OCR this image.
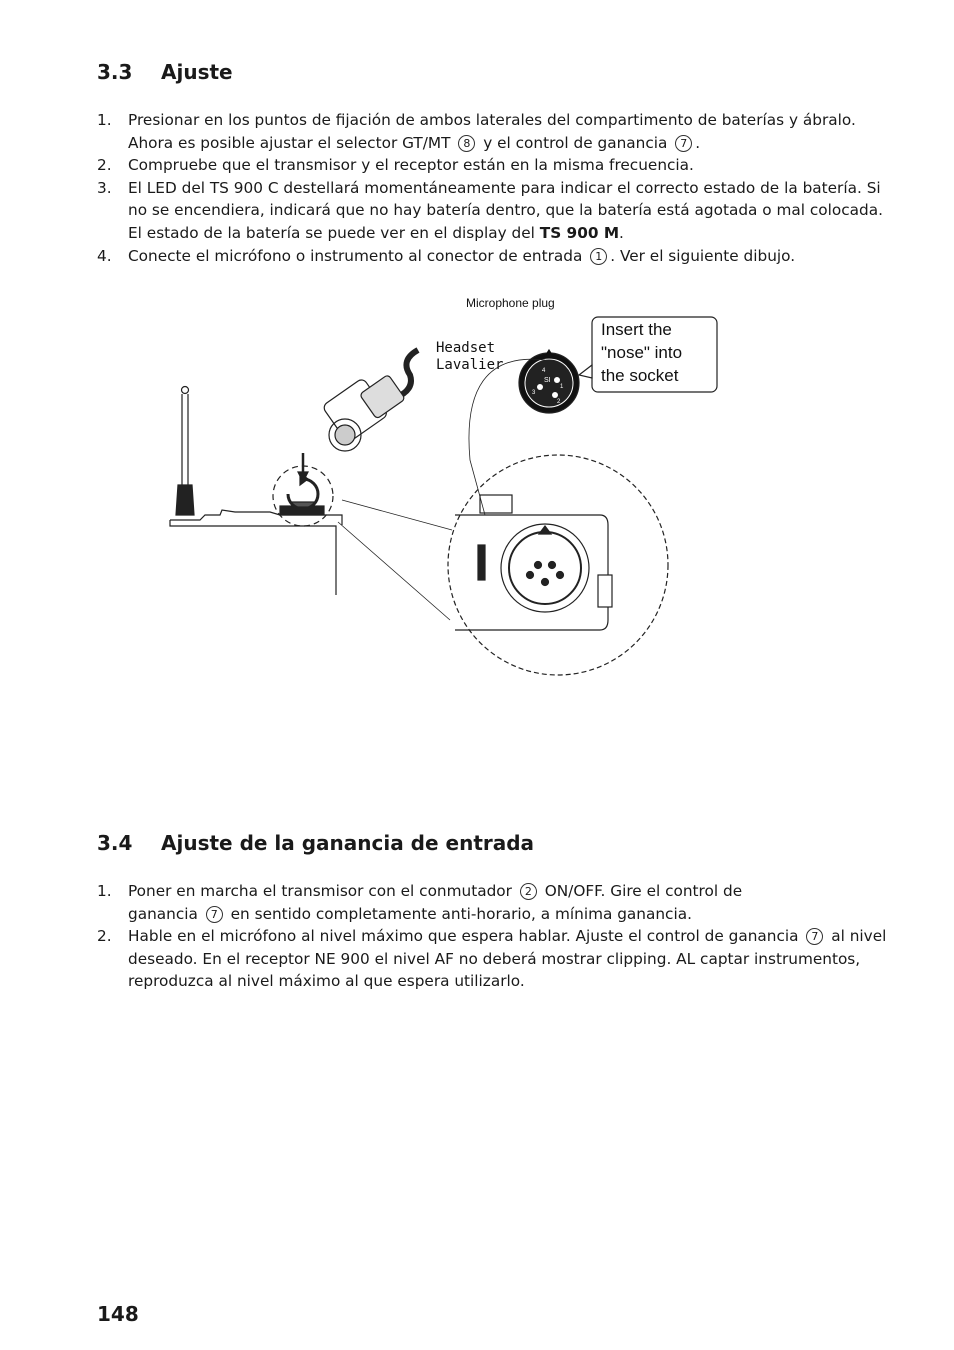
3.3 Ajuste
1. Presionar en los puntos de fijación de ambos laterales del compartimento de baterías y ábralo. Ahora es posible ajustar el selector GT/MT 8 y el control de ganancia 7 .
2. Compruebe que el transmisor y el receptor están en la misma frecuencia.
3. El LED del TS 900 C destellará momentáneamente para indicar el correcto estado de la batería. Si no se encendiera, indicará que no hay batería dentro, que la batería está agotada o mal colocada. El estado de la batería se puede ver en el display del TS 900 M.
4. Conecte el micrófono o instrumento al conector de entrada 1 . Ver el siguiente dibujo.
Microphone plug
Headset
Lavalier
Insert the
"nose" into
the socket
SI
1
2
3
4
3.4 Ajuste de la ganancia de entrada
1. Poner en marcha el transmisor con el conmutador 2 ON/OFF. Gire el control de ganancia 7 en sentido completamente anti-horario, a mínima ganancia.
2. Hable en el micrófono al nivel máximo que espera hablar. Ajuste el control de ganancia 7 al nivel deseado. En el receptor NE 900 el nivel AF no deberá mostrar clipping. AL captar instrumentos, reproduzca al nivel máximo al que espera utilizarlo.

148
